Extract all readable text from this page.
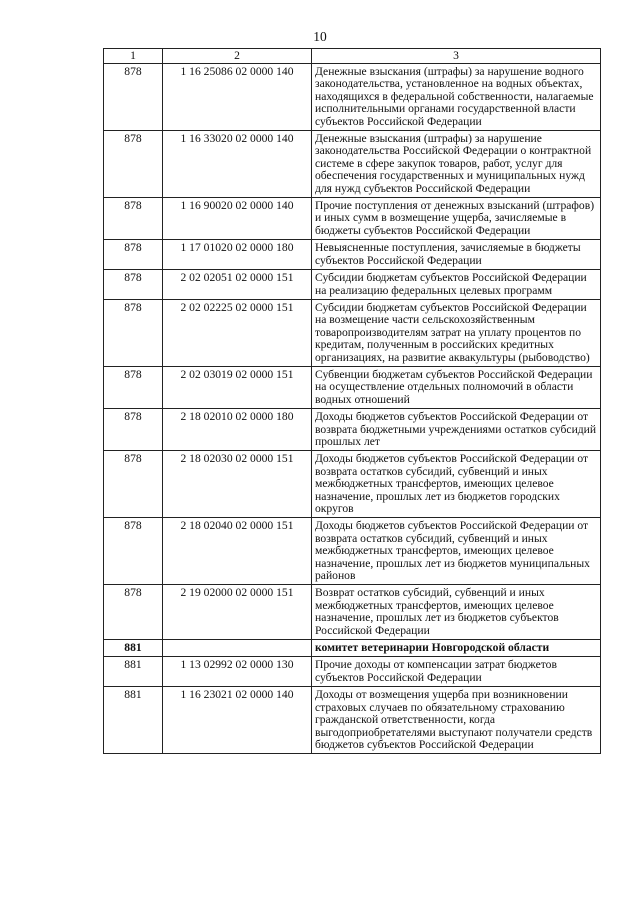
10
1	2	3
878	1 16 25086 02 0000 140	Денежные взыскания (штрафы) за нарушение водного законодательства, установленное на водных объектах, находящихся в федеральной собственности, налагаемые исполнительными органами государственной власти субъектов Российской Федерации
878	1 16 33020 02 0000 140	Денежные взыскания (штрафы) за нарушение законодательства Российской Федерации о контрактной системе в сфере закупок товаров, работ, услуг для обеспечения государственных и муниципальных нужд для нужд субъектов Российской Федерации
878	1 16 90020 02 0000 140	Прочие поступления от денежных взысканий (штрафов) и иных сумм в возмещение ущерба, зачисляемые в бюджеты субъектов Российской Федерации
878	1 17 01020 02 0000 180	Невыясненные поступления, зачисляемые в бюджеты субъектов Российской Федерации
878	2 02 02051 02 0000 151	Субсидии бюджетам субъектов Российской Федерации на реализацию федеральных целевых программ
878	2 02 02225 02 0000 151	Субсидии бюджетам субъектов Российской Федерации на возмещение части сельскохозяйственным товаропроизводителям затрат на уплату процентов по кредитам, полученным в российских кредитных организациях, на развитие аквакультуры (рыбоводство)
878	2 02 03019 02 0000 151	Субвенции бюджетам субъектов Российской Федерации на осуществление отдельных полномочий в области водных отношений
878	2 18 02010 02 0000 180	Доходы бюджетов субъектов Российской Федерации от возврата бюджетными учреждениями остатков субсидий прошлых лет
878	2 18 02030 02 0000 151	Доходы бюджетов субъектов Российской Федерации от возврата остатков субсидий, субвенций и иных межбюджетных трансфертов, имеющих целевое назначение, прошлых лет из бюджетов городских округов
878	2 18 02040 02 0000 151	Доходы бюджетов субъектов Российской Федерации от возврата остатков субсидий, субвенций и иных межбюджетных трансфертов, имеющих целевое назначение, прошлых лет из бюджетов муниципальных районов
878	2 19 02000 02 0000 151	Возврат остатков субсидий, субвенций и иных межбюджетных трансфертов, имеющих целевое назначение, прошлых лет из бюджетов субъектов Российской Федерации
881		комитет ветеринарии Новгородской области
881	1 13 02992 02 0000 130	Прочие доходы от компенсации затрат бюджетов субъектов Российской Федерации
881	1 16 23021 02 0000 140	Доходы от возмещения ущерба при возникновении страховых случаев по обязательному страхованию гражданской ответственности, когда выгодоприобретателями выступают получатели средств бюджетов субъектов Российской Федерации
